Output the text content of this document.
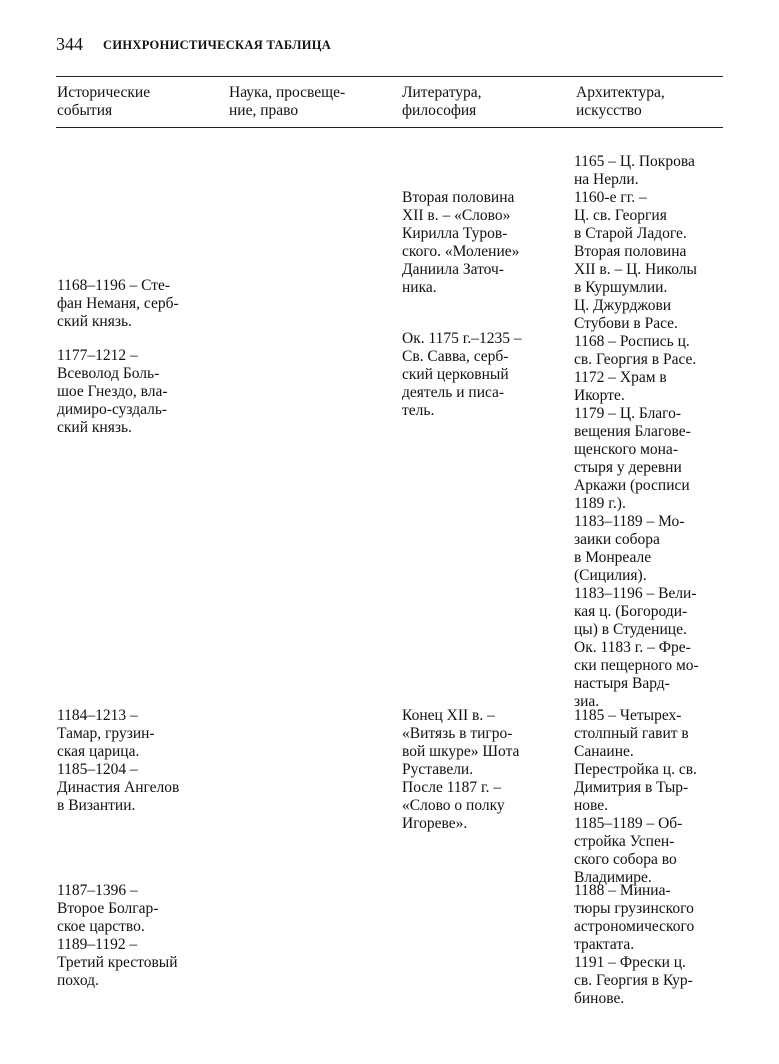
344 СИНХРОНИСТИЧЕСКАЯ ТАБЛИЦА
Исторические
события
Наука, просвеще-
ние, право
Литература,
философия
Архитектура,
искусство
1168–1196 – Сте-
фан Неманя, серб-
ский князь.
1177–1212 –
Всеволод Боль-
шое Гнездо, вла-
димиро-суздаль-
ский князь.
1184–1213 –
Тамар, грузин-
ская царица.
1185–1204 –
Династия Ангелов
в Византии.
1187–1396 –
Второе Болгар-
ское царство.
1189–1192 –
Третий крестовый
поход.
Вторая половина
XII в. – «Слово»
Кирилла Туров-
ского. «Моление»
Даниила Заточ-
ника.
Ок. 1175 г.–1235 –
Св. Савва, серб-
ский церковный
деятель и писа-
тель.
Конец XII в. –
«Витязь в тигро-
вой шкуре» Шота
Руставели.
После 1187 г. –
«Слово о полку
Игореве».
1165 – Ц. Покрова
на Нерли.
1160-е гг. –
Ц. св. Георгия
в Старой Ладоге.
Вторая половина
XII в. – Ц. Николы
в Куршумлии.
Ц. Джурджови
Стубови в Расе.
1168 – Роспись ц.
св. Георгия в Расе.
1172 – Храм в
Икорте.
1179 – Ц. Благо-
вещения Благове-
щенского мона-
стыря у деревни
Аркажи (росписи
1189 г.).
1183–1189 – Мо-
заики собора
в Монреале
(Сицилия).
1183–1196 – Вели-
кая ц. (Богороди-
цы) в Студенице.
Ок. 1183 г. – Фре-
ски пещерного мо-
настыря Вард-
зиа.
1185 – Четырех-
столпный гавит в
Санаине.
Перестройка ц. св.
Димитрия в Тыр-
нове.
1185–1189 – Об-
стройка Успен-
ского собора во
Владимире.
1188 – Миниа-
тюры грузинского
астрономического
трактата.
1191 – Фрески ц.
св. Георгия в Кур-
бинове.
